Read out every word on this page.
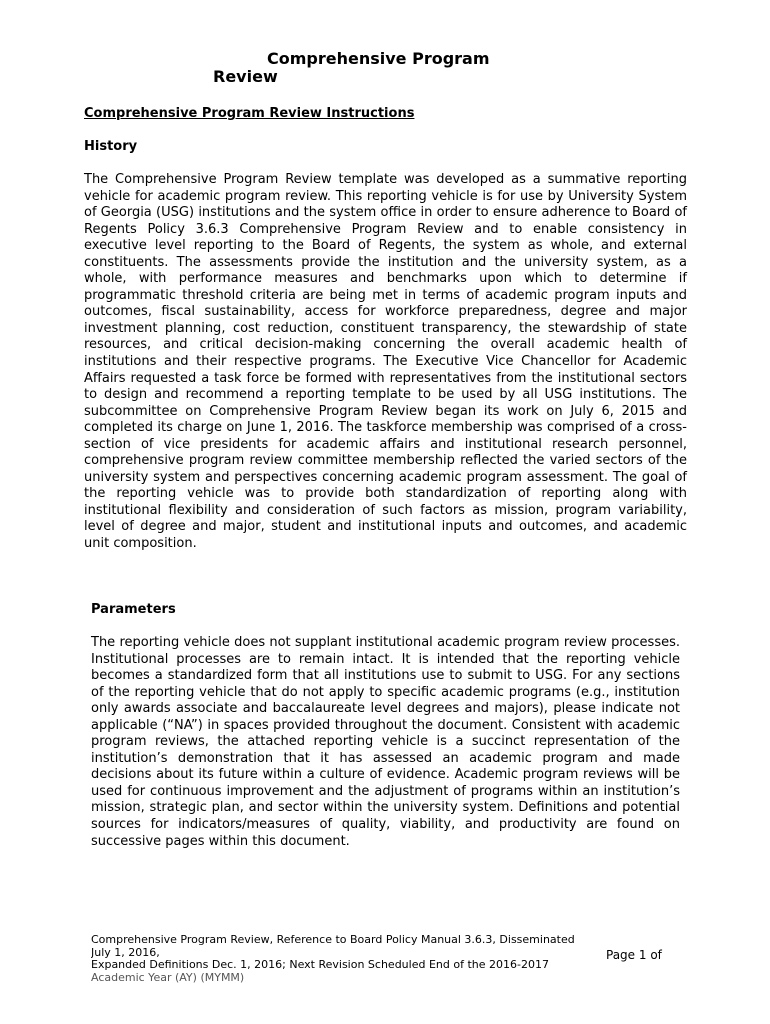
Comprehensive Program
Review
Comprehensive Program Review Instructions
History

The Comprehensive Program Review template was developed as a summative reporting vehicle for academic program review. This reporting vehicle is for use by University System of Georgia (USG) institutions and the system office in order to ensure adherence to Board of Regents Policy 3.6.3 Comprehensive Program Review and to enable consistency in executive level reporting to the Board of Regents, the system as whole, and external constituents. The assessments provide the institution and the university system, as a whole, with performance measures and benchmarks upon which to determine if programmatic threshold criteria are being met in terms of academic program inputs and outcomes, fiscal sustainability, access for workforce preparedness, degree and major investment planning, cost reduction, constituent transparency, the stewardship of state resources, and critical decision-making concerning the overall academic health of institutions and their respective programs. The Executive Vice Chancellor for Academic Affairs requested a task force be formed with representatives from the institutional sectors to design and recommend a reporting template to be used by all USG institutions. The subcommittee on Comprehensive Program Review began its work on July 6, 2015 and completed its charge on June 1, 2016. The taskforce membership was comprised of a cross-section of vice presidents for academic affairs and institutional research personnel, comprehensive program review committee membership reflected the varied sectors of the university system and perspectives concerning academic program assessment. The goal of the reporting vehicle was to provide both standardization of reporting along with institutional flexibility and consideration of such factors as mission, program variability, level of degree and major, student and institutional inputs and outcomes, and academic unit composition.

Parameters

The reporting vehicle does not supplant institutional academic program review processes. Institutional processes are to remain intact. It is intended that the reporting vehicle becomes a standardized form that all institutions use to submit to USG. For any sections of the reporting vehicle that do not apply to specific academic programs (e.g., institution only awards associate and baccalaureate level degrees and majors), please indicate not applicable (“NA”) in spaces provided throughout the document. Consistent with academic program reviews, the attached reporting vehicle is a succinct representation of the institution’s demonstration that it has assessed an academic program and made decisions about its future within a culture of evidence. Academic program reviews will be used for continuous improvement and the adjustment of programs within an institution’s mission, strategic plan, and sector within the university system. Definitions and potential sources for indicators/measures of quality, viability, and productivity are found on successive pages within this document.

Comprehensive Program Review, Reference to Board Policy Manual 3.6.3, Disseminated
July 1, 2016,
Expanded Definitions Dec. 1, 2016; Next Revision Scheduled End of the 2016-2017
Academic Year (AY) (MYMM)
Page 1 of
